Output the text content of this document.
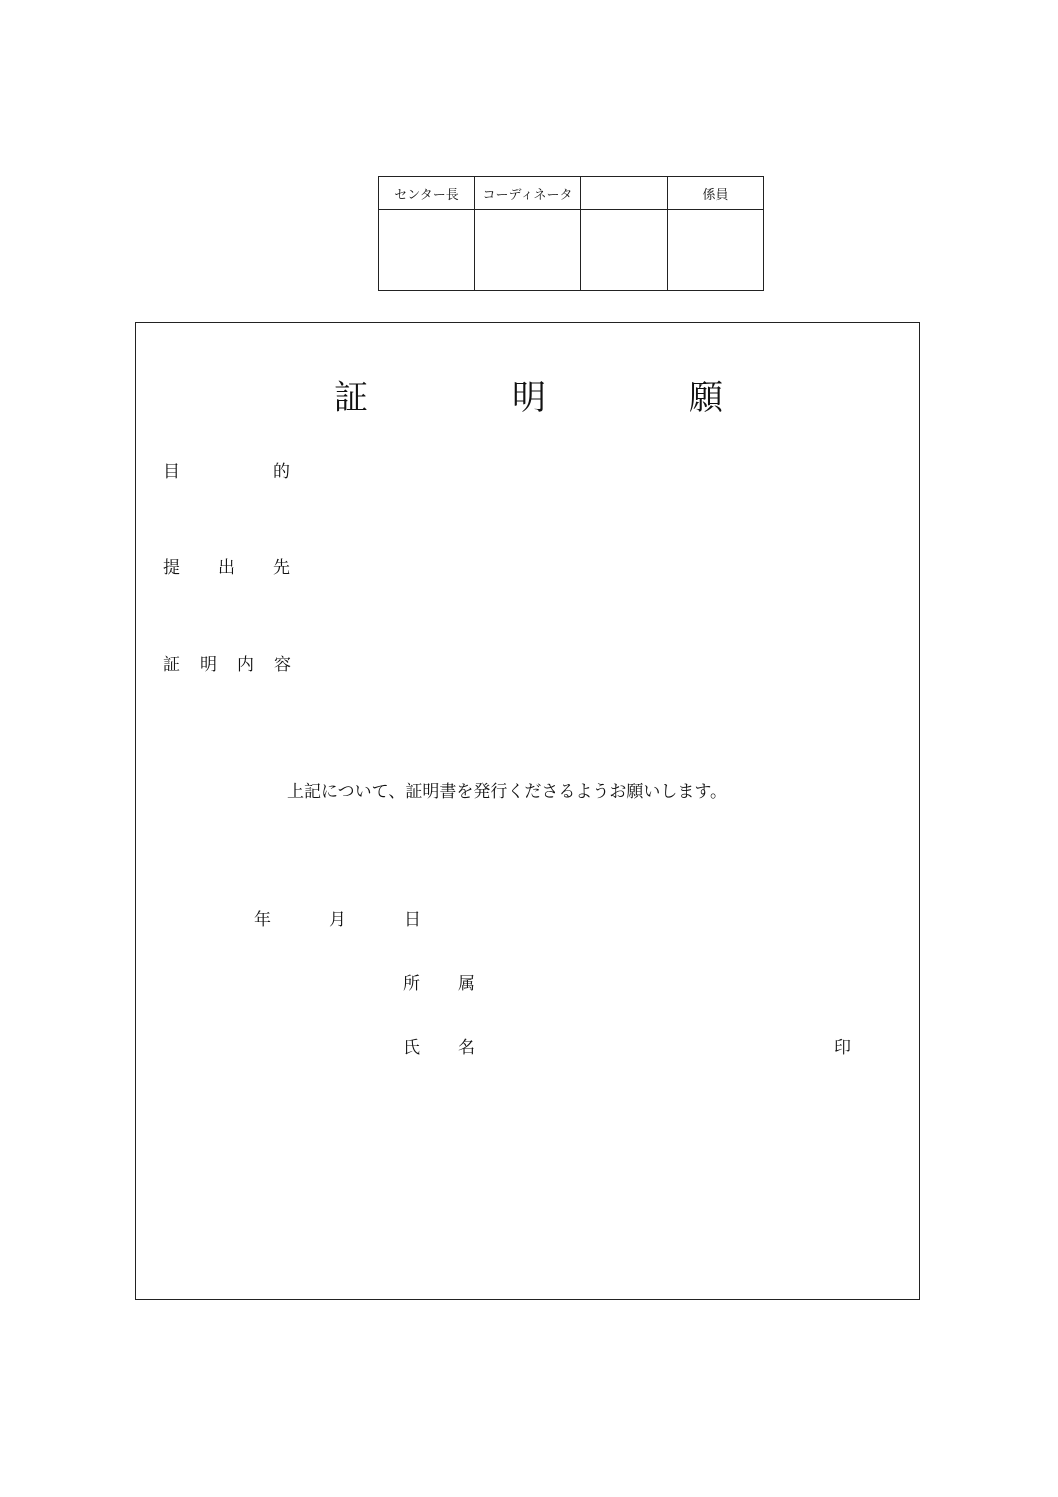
センター長	コーディネータ		係員

証	明	願
目	的
提 出 先
証 明 内 容
上記について、証明書を発行くださるようお願いします。
年	月	日
所 属
氏 名	印
